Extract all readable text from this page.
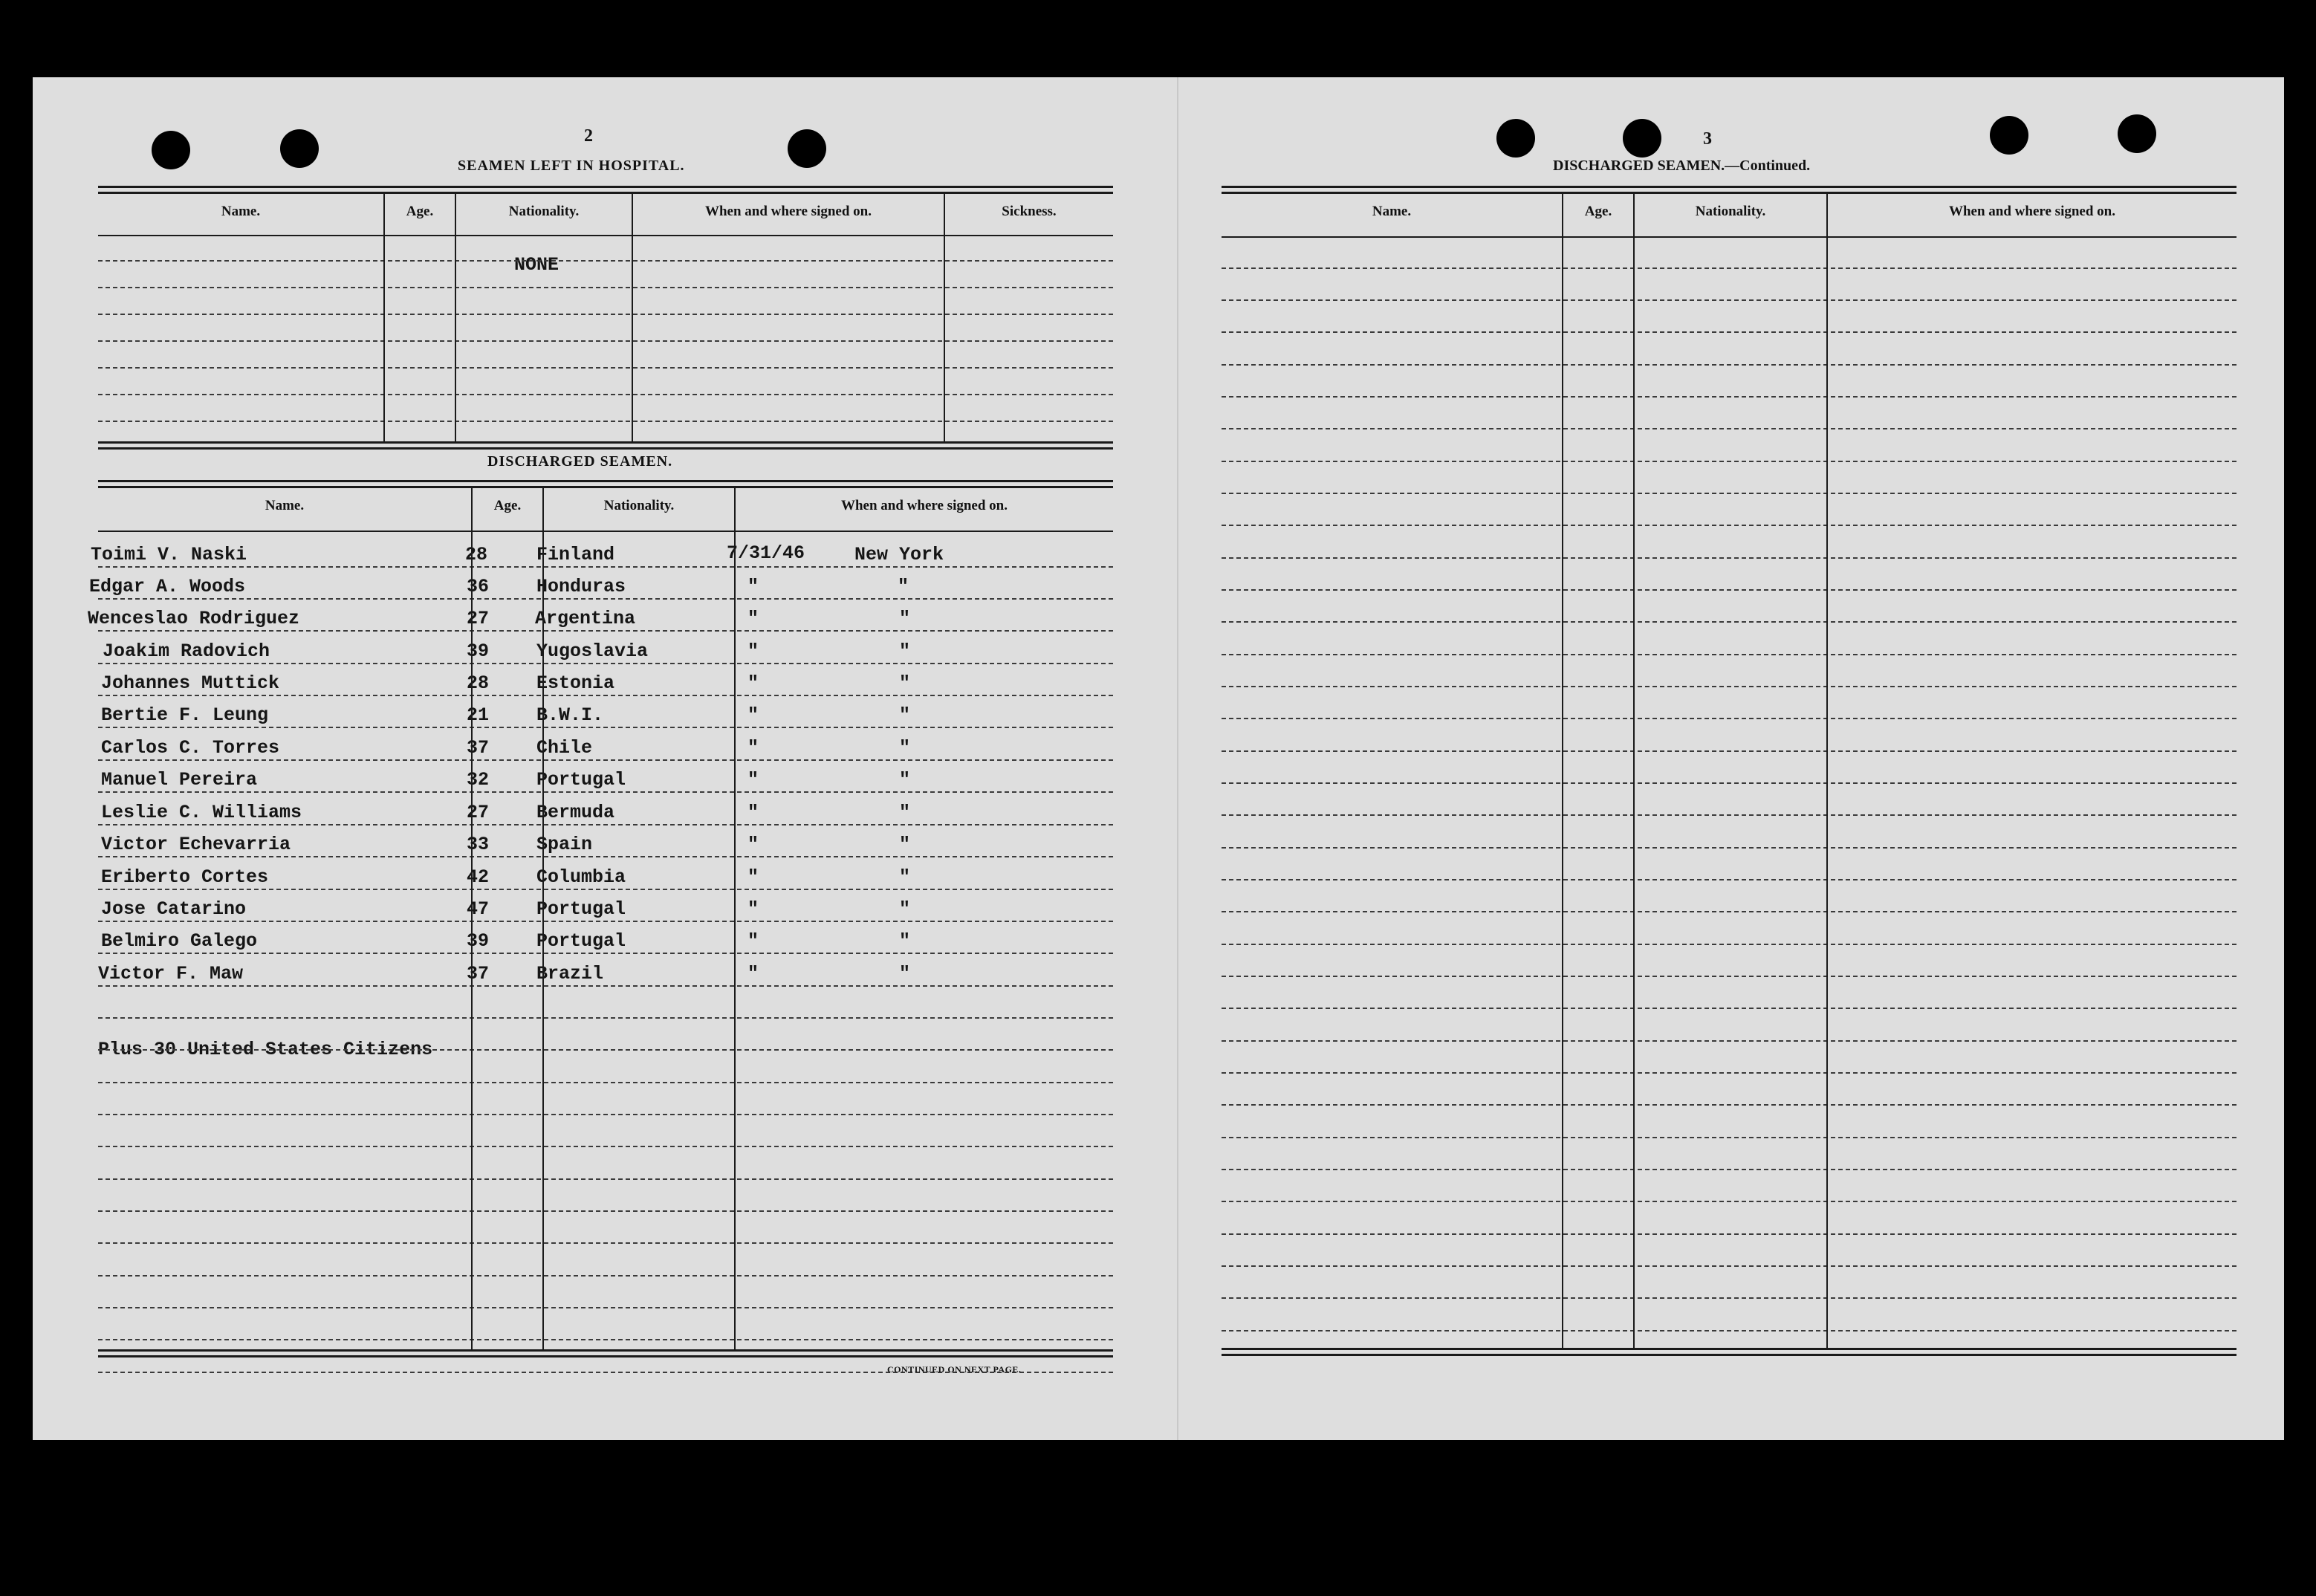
2
SEAMEN LEFT IN HOSPITAL.
Name.	Age.	Nationality.	When and where signed on.	Sickness.
NONE
DISCHARGED SEAMEN.
Name.	Age.	Nationality.	When and where signed on.
Toimi V. Naski	28	Finland	7/31/46	New York
Edgar A. Woods	36	Honduras	"	"
Wenceslao Rodriguez	27 Argentina	"	"
Joakim Radovich	39	Yugoslavia	"	"
Johannes Muttick	28	Estonia	"	"
Bertie F. Leung	21	B.W.I.	"	"
Carlos C. Torres	37	Chile	"	"
Manuel Pereira	32	Portugal	"	"
Leslie C. Williams	27	Bermuda	"	"
Victor Echevarria	33	Spain	"	"
Eriberto Cortes	42	Columbia	"	"
Jose Catarino	47	Portugal	"	"
Belmiro Galego	39	Portugal	"	"
Victor F. Maw	37	Brazil	"	"
Plus 30 United States Citizens
CONTINUED ON NEXT PAGE.
3
DISCHARGED SEAMEN.—Continued.
Name.	Age.	Nationality.	When and where signed on.
